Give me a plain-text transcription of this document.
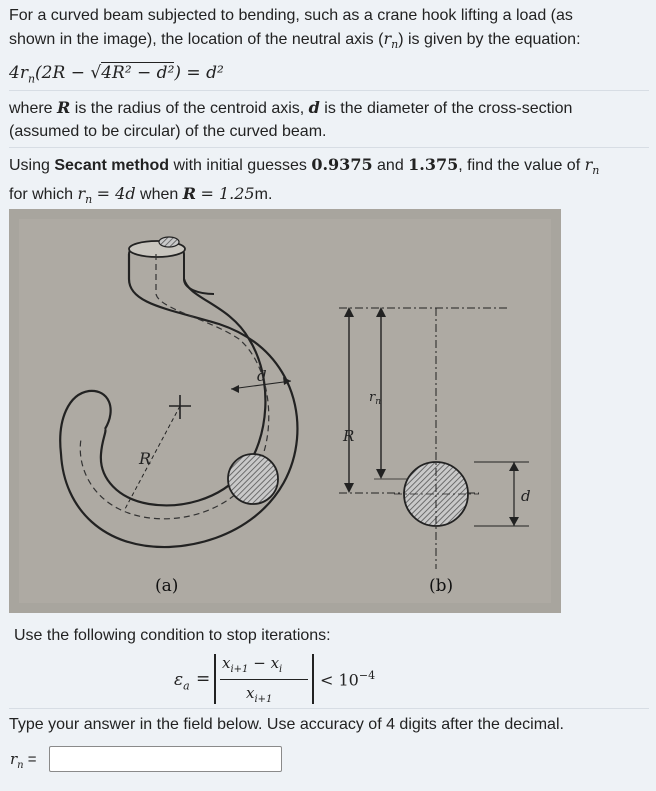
For a curved beam subjected to bending, such as a crane hook lifting a load (as
shown in the image), the location of the neutral axis $(r_n)$ is given by the equation:
$4r_n(2R - √4R^2 - d^2) = d^2$
where R is the radius of the centroid axis, d is the diameter of the cross-section
(assumed to be circular) of the curved beam.
Using Secant method with initial guesses 0.9375 and 1.375, find the value of $r_n$
for which $r_n = 4d$ when R = 1.25m.
R
d
R
$r_n$
d
(a)	(b)
Use the following condition to stop iterations:
$\varepsilon_a$ =
$x_{i+1} - x_i$
$x_{i+1}$
< $10^{-4}$
Type your answer in the field below. Use accuracy of 4 digits after the decimal.
$r_n$ =
